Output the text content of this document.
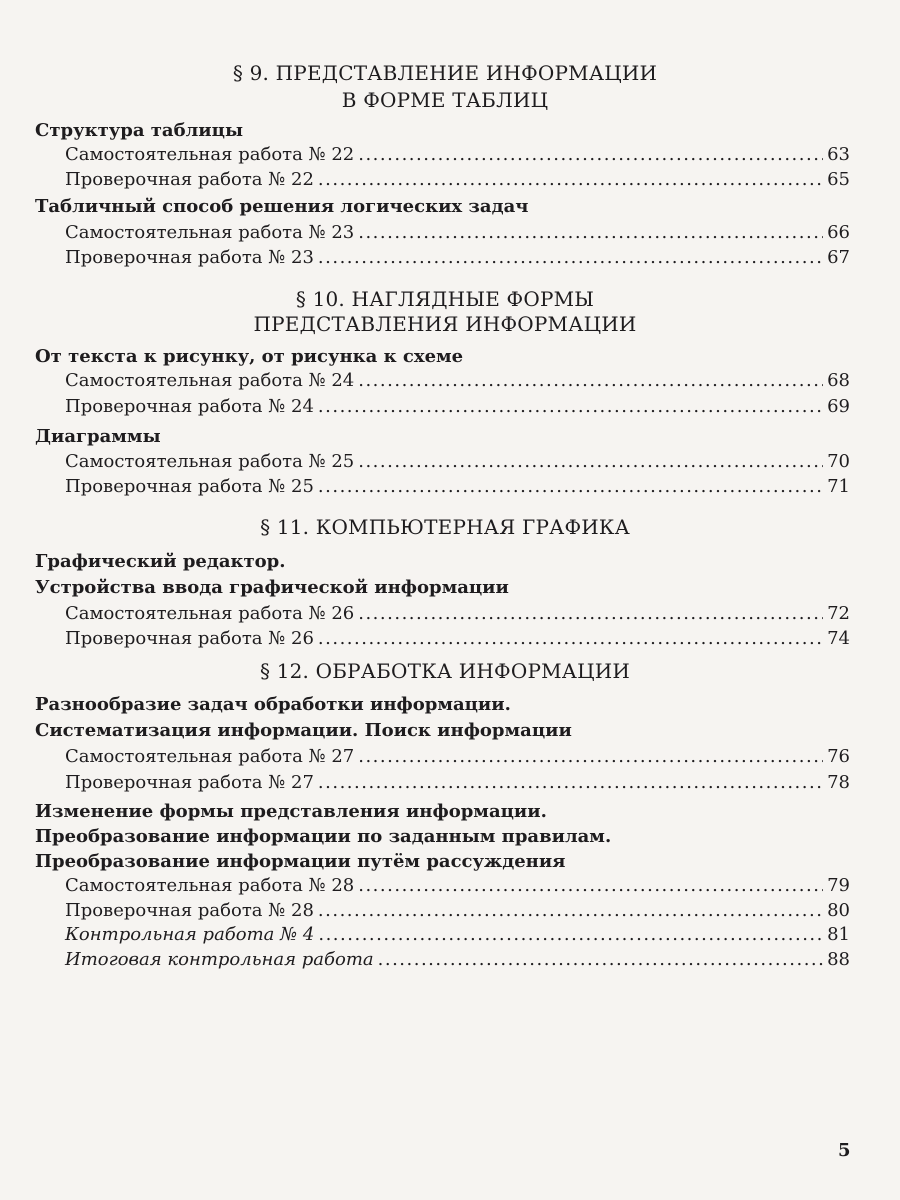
§ 9. ПРЕДСТАВЛЕНИЕ ИНФОРМАЦИИ
В ФОРМЕ ТАБЛИЦ
Структура таблицы
Самостоятельная работа № 22 .....	63
Проверочная работа № 22 .....	65
Табличный способ решения логических задач
Самостоятельная работа № 23 .....	66
Проверочная работа № 23 .....	67
§ 10. НАГЛЯДНЫЕ ФОРМЫ
ПРЕДСТАВЛЕНИЯ ИНФОРМАЦИИ
От текста к рисунку, от рисунка к схеме
Самостоятельная работа № 24 .....	68
Проверочная работа № 24 .....	69
Диаграммы
Самостоятельная работа № 25 .....	70
Проверочная работа № 25 .....	71
§ 11. КОМПЬЮТЕРНАЯ ГРАФИКА
Графический редактор.
Устройства ввода графической информации
Самостоятельная работа № 26 .....	72
Проверочная работа № 26 .....	74
§ 12. ОБРАБОТКА ИНФОРМАЦИИ
Разнообразие задач обработки информации.
Систематизация информации. Поиск информации
Самостоятельная работа № 27 .....	76
Проверочная работа № 27 .....	78
Изменение формы представления информации.
Преобразование информации по заданным правилам.
Преобразование информации путём рассуждения
Самостоятельная работа № 28 .....	79
Проверочная работа № 28 .....	80
Контрольная работа № 4 .....	81
Итоговая контрольная работа .....	88
5
